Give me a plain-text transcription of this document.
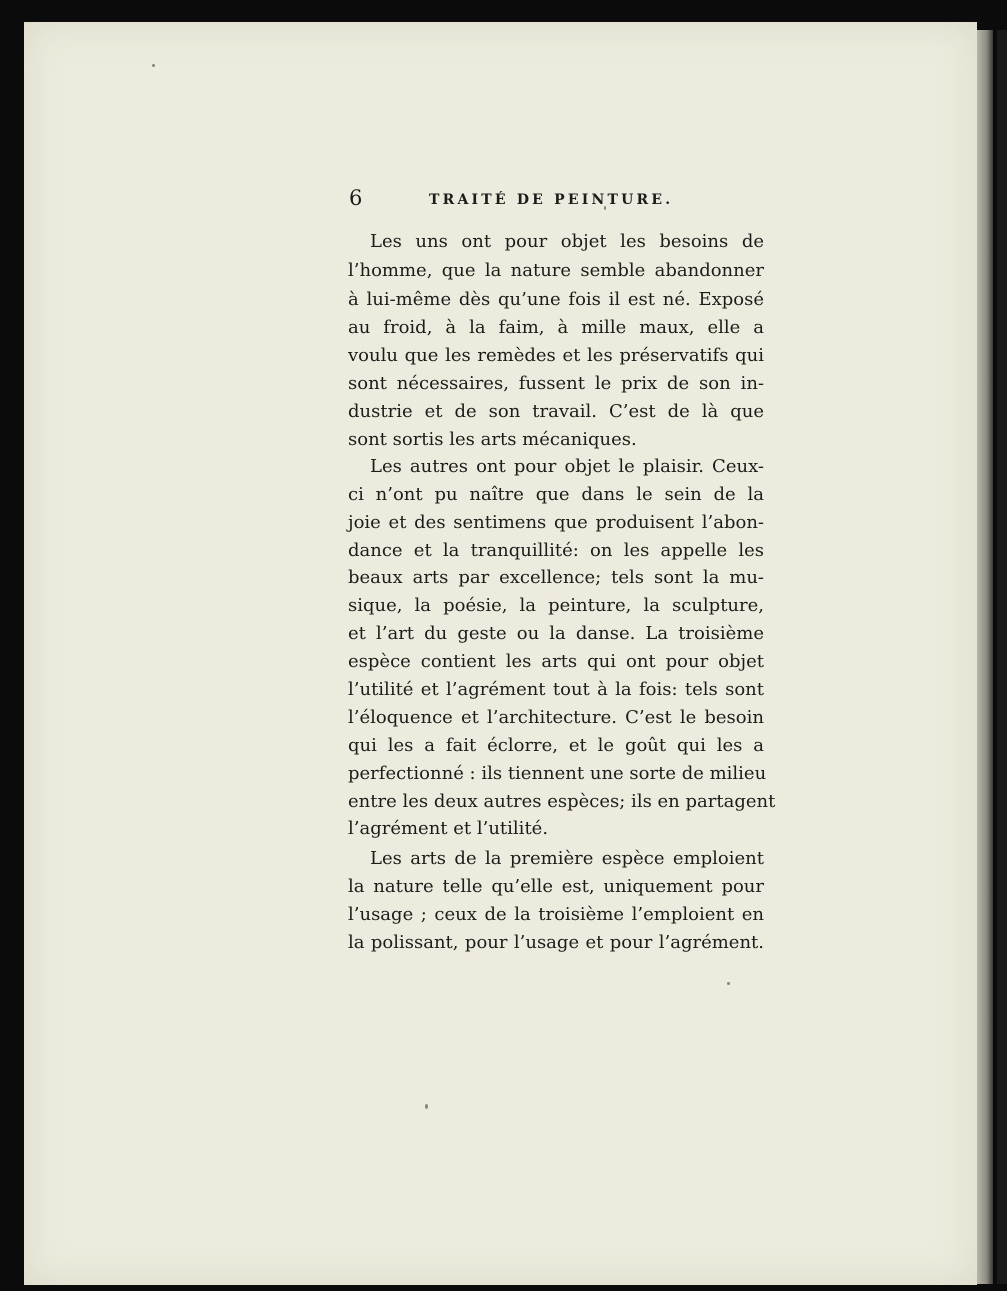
6	TRAITÉ DE PEINTURE.
Les uns ont pour objet les besoins de
l’homme, que la nature semble abandonner
à lui-même dès qu’une fois il est né. Exposé
au froid, à la faim, à mille maux, elle a
voulu que les remèdes et les préservatifs qui
sont nécessaires, fussent le prix de son in-
dustrie et de son travail. C’est de là que
sont sortis les arts mécaniques.
Les autres ont pour objet le plaisir. Ceux-
ci n’ont pu naître que dans le sein de la
joie et des sentimens que produisent l’abon-
dance et la tranquillité: on les appelle les
beaux arts par excellence; tels sont la mu-
sique, la poésie, la peinture, la sculpture,
et l’art du geste ou la danse. La troisième
espèce contient les arts qui ont pour objet
l’utilité et l’agrément tout à la fois: tels sont
l’éloquence et l’architecture. C’est le besoin
qui les a fait éclorre, et le goût qui les a
perfectionné : ils tiennent une sorte de milieu
entre les deux autres espèces; ils en partagent
l’agrément et l’utilité.
Les arts de la première espèce emploient
la nature telle qu’elle est, uniquement pour
l’usage ; ceux de la troisième l’emploient en
la polissant, pour l’usage et pour l’agrément.
